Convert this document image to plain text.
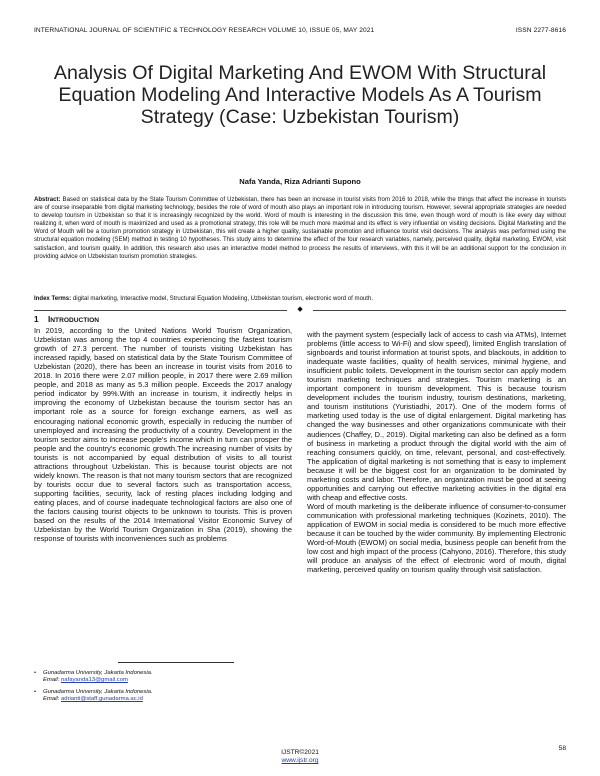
INTERNATIONAL JOURNAL OF SCIENTIFIC & TECHNOLOGY RESEARCH VOLUME 10, ISSUE 05, MAY 2021	ISSN 2277-8616
Analysis Of Digital Marketing And EWOM With Structural Equation Modeling And Interactive Models As A Tourism Strategy (Case: Uzbekistan Tourism)
Nafa Yanda, Riza Adrianti Supono
Abstract: Based on statistical data by the State Tourism Committee of Uzbekistan, there has been an increase in tourist visits from 2016 to 2018, while the things that affect the increase in tourists are of course inseparable from digital marketing technology, besides the role of word of mouth also plays an important role in introducing tourism. However, several appropriate strategies are needed to develop tourism in Uzbekistan so that it is increasingly recognized by the world. Word of mouth is interesting in the discussion this time, even though word of mouth is like every day without realizing it, when word of mouth is maximized and used as a promotional strategy, this role will be much more maximal and its effect is very influential on visiting decisions. Digital Marketing and the Word of Mouth will be a tourism promotion strategy in Uzbekistan, this will create a higher quality, sustainable promotion and influence tourist visit decisions. The analysis was performed using the structural equation modeling (SEM) method in testing 10 hypotheses. This study aims to determine the effect of the four research variables, namely, perceived quality, digital marketing, EWOM, visit satisfaction, and tourism quality. In addition, this research also uses an interactive model method to process the results of interviews, with this it will be an additional support for the conclusion in providing advice on Uzbekistan tourism promotion strategies.
Index Terms: digital marketing, Interactive model, Structural Equation Modeling, Uzbekistan tourism, electronic word of mouth.
◆
1 INTRODUCTION

In 2019, according to the United Nations World Tourism Organization, Uzbekistan was among the top 4 countries experiencing the fastest tourism growth of 27.3 percent. The number of tourists visiting Uzbekistan has increased rapidly, based on statistical data by the State Tourism Committee of Uzbekistan (2020), there has been an increase in tourist visits from 2016 to 2018. In 2016 there were 2.07 million people, in 2017 there were 2.69 million people, and 2018 as many as 5.3 million people. Exceeds the 2017 analogy period indicator by 99%.With an increase in tourism, it indirectly helps in improving the economy of Uzbekistan because the tourism sector has an important role as a source for foreign exchange earners, as well as encouraging national economic growth, especially in reducing the number of unemployed and increasing the productivity of a country. Development in the tourism sector aims to increase people's income which in turn can prosper the people and the country's economic growth.The increasing number of visits by tourists is not accompanied by equal distribution of visits to all tourist attractions throughout Uzbekistan. This is because tourist objects are not widely known. The reason is that not many tourism sectors that are recognized by tourists occur due to several factors such as transportation access, supporting facilities, security, lack of resting places including lodging and eating places, and of course inadequate technological factors are also one of the factors causing tourist objects to be unknown to tourists. This is proven based on the results of the 2014 International Visitor Economic Survey of Uzbekistan by the World Tourism Organization in Sha (2019), showing the response of tourists with inconveniences such as problems

with the payment system (especially lack of access to cash via ATMs), Internet problems (little access to Wi-Fi) and slow speed), limited English translation of signboards and tourist information at tourist spots, and blackouts, in addition to inadequate waste facilities, quality of health services, minimal hygiene, and insufficient public toilets. Development in the tourism sector can apply modern tourism marketing techniques and strategies. Tourism marketing is an important component in tourism development. This is because tourism development includes the tourism industry, tourism destinations, marketing, and tourism institutions (Yuristiadhi, 2017). One of the modern forms of marketing used today is the use of digital enlargement. Digital marketing has changed the way businesses and other organizations communicate with their audiences (Chaffey, D., 2019). Digital marketing can also be defined as a form of business in marketing a product through the digital world with the aim of reaching consumers quickly, on time, relevant, personal, and cost-effectively. The application of digital marketing is not something that is easy to implement because it will be the biggest cost for an organization to be dominated by marketing costs and labor. Therefore, an organization must be good at seeing opportunities and carrying out effective marketing activities in the digital era with cheap and effective costs.

Word of mouth marketing is the deliberate influence of consumer-to-consumer communication with professional marketing techniques (Kozinets, 2010). The application of EWOM in social media is considered to be much more effective because it can be touched by the wider community. By implementing Electronic Word-of-Mouth (EWOM) on social media, business people can benefit from the low cost and high impact of the process (Cahyono, 2016). Therefore, this study will produce an analysis of the effect of electronic word of mouth, digital marketing, perceived quality on tourism quality through visit satisfaction.

• Gunadarma University, Jakarta Indonesia.
Email: nafayanda13@gmail.com
• Gunadarma University, Jakarta Indonesia.
Email: adrianti@staff.gunadarma.ac.id
58
IJSTR©2021
www.ijstr.org
